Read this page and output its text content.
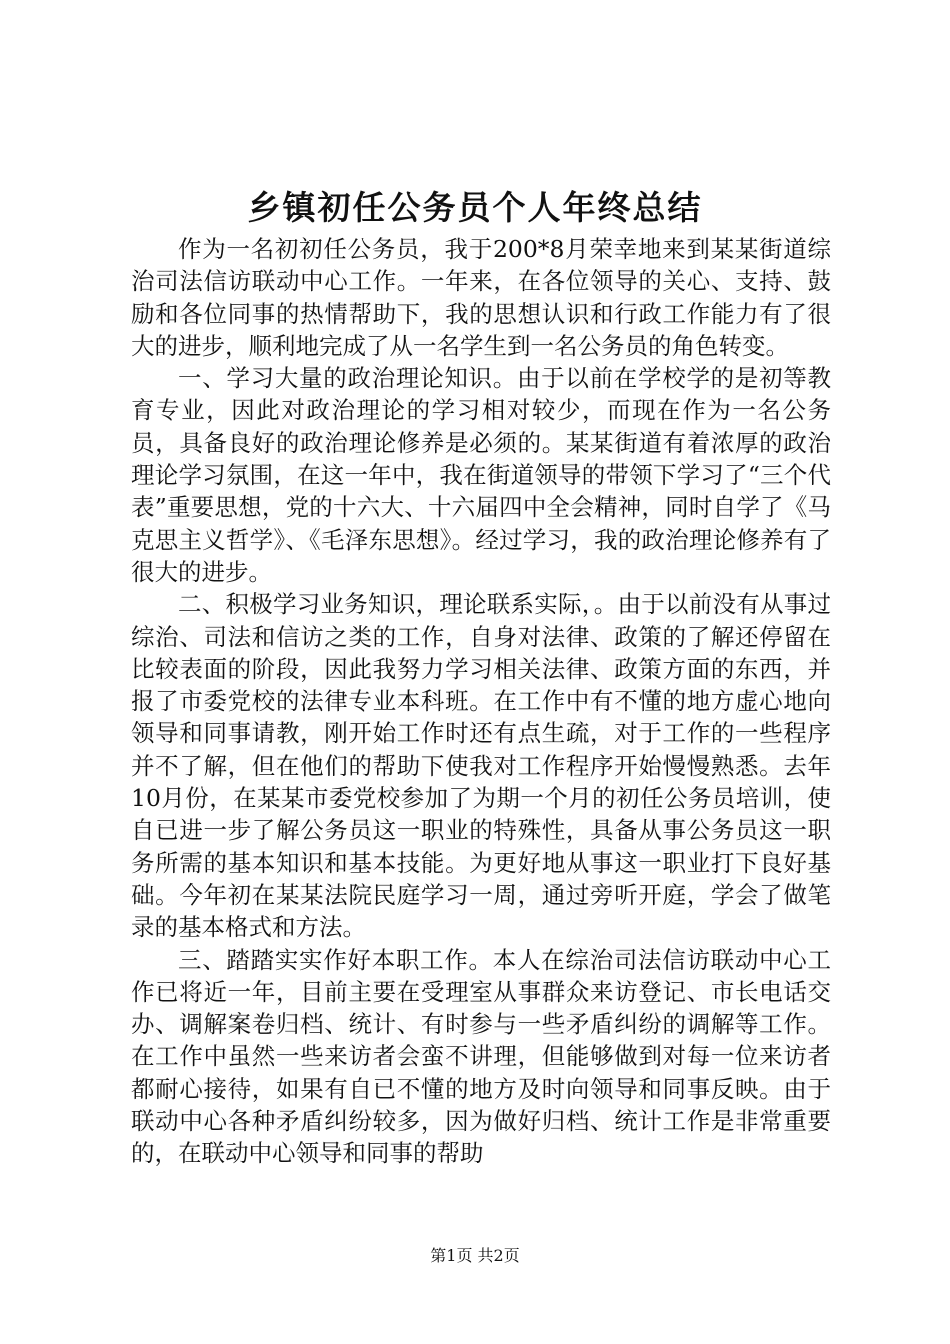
乡镇初任公务员个人年终总结

作为一名初初任公务员，我于200*8月荣幸地来到某某街道综治司法信访联动中心工作。一年来，在各位领导的关心、支持、鼓励和各位同事的热情帮助下，我的思想认识和行政工作能力有了很大的进步，顺利地完成了从一名学生到一名公务员的角色转变。

一、学习大量的政治理论知识。由于以前在学校学的是初等教育专业，因此对政治理论的学习相对较少，而现在作为一名公务员，具备良好的政治理论修养是必须的。某某街道有着浓厚的政治理论学习氛围，在这一年中，我在街道领导的带领下学习了“三个代表”重要思想，党的十六大、十六届四中全会精神，同时自学了《马克思主义哲学》、《毛泽东思想》。经过学习，我的政治理论修养有了很大的进步。

二、积极学习业务知识，理论联系实际，。由于以前没有从事过综治、司法和信访之类的工作，自身对法律、政策的了解还停留在比较表面的阶段，因此我努力学习相关法律、政策方面的东西，并报了市委党校的法律专业本科班。在工作中有不懂的地方虚心地向领导和同事请教，刚开始工作时还有点生疏，对于工作的一些程序并不了解，但在他们的帮助下使我对工作程序开始慢慢熟悉。去年10月份，在某某市委党校参加了为期一个月的初任公务员培训，使自已进一步了解公务员这一职业的特殊性，具备从事公务员这一职务所需的基本知识和基本技能。为更好地从事这一职业打下良好基础。今年初在某某法院民庭学习一周，通过旁听开庭，学会了做笔录的基本格式和方法。

三、踏踏实实作好本职工作。本人在综治司法信访联动中心工作已将近一年，目前主要在受理室从事群众来访登记、市长电话交办、调解案卷归档、统计、有时参与一些矛盾纠纷的调解等工作。在工作中虽然一些来访者会蛮不讲理，但能够做到对每一位来访者都耐心接待，如果有自已不懂的地方及时向领导和同事反映。由于联动中心各种矛盾纠纷较多，因为做好归档、统计工作是非常重要的，在联动中心领导和同事的帮助

第1页 共2页
